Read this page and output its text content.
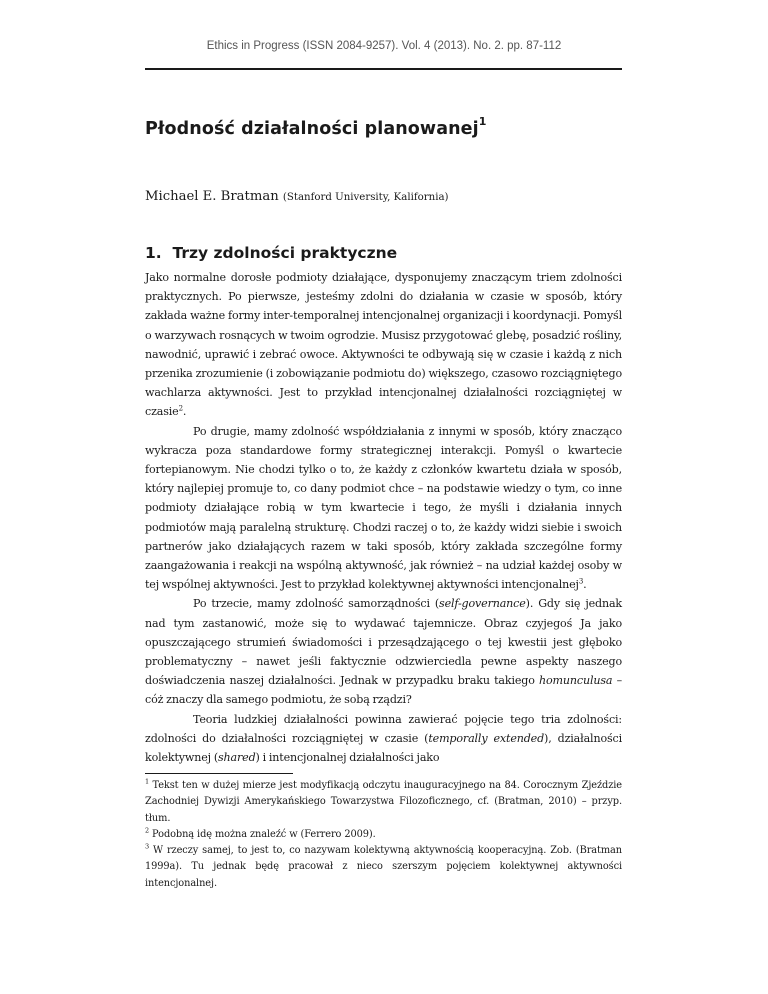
Ethics in Progress (ISSN 2084-9257). Vol. 4 (2013). No. 2. pp. 87-112
Płodność działalności planowanej$^1$
Michael E. Bratman (Stanford University, Kalifornia)
1. Trzy zdolności praktyczne

Jako normalne dorosłe podmioty działające, dysponujemy znaczącym triem zdolności praktycznych. Po pierwsze, jesteśmy zdolni do działania w czasie w sposób, który zakłada ważne formy inter-temporalnej intencjonalnej organizacji i koordynacji. Pomyśl o warzywach rosnących w twoim ogrodzie. Musisz przygotować glebę, posadzić rośliny, nawodnić, uprawić i zebrać owoce. Aktywności te odbywają się w czasie i każdą z nich przenika zrozumienie (i zobowiązanie podmiotu do) większego, czasowo rozciągniętego wachlarza aktywności. Jest to przykład intencjonalnej działalności rozciągniętej w czasie$^2$.

Po drugie, mamy zdolność współdziałania z innymi w sposób, który znacząco wykracza poza standardowe formy strategicznej interakcji. Pomyśl o kwartecie fortepianowym. Nie chodzi tylko o to, że każdy z członków kwartetu działa w sposób, który najlepiej promuje to, co dany podmiot chce – na podstawie wiedzy o tym, co inne podmioty działające robią w tym kwartecie i tego, że myśli i działania innych podmiotów mają paralelną strukturę. Chodzi raczej o to, że każdy widzi siebie i swoich partnerów jako działających razem w taki sposób, który zakłada szczególne formy zaangażowania i reakcji na wspólną aktywność, jak również – na udział każdej osoby w tej wspólnej aktywności. Jest to przykład kolektywnej aktywności intencjonalnej$^3$.

Po trzecie, mamy zdolność samorządności (self-governance). Gdy się jednak nad tym zastanowić, może się to wydawać tajemnicze. Obraz czyjegoś Ja jako opuszczającego strumień świadomości i przesądzającego o tej kwestii jest głęboko problematyczny – nawet jeśli faktycznie odzwierciedla pewne aspekty naszego doświadczenia naszej działalności. Jednak w przypadku braku takiego homunculusa – cóż znaczy dla samego podmiotu, że sobą rządzi?

Teoria ludzkiej działalności powinna zawierać pojęcie tego tria zdolności: zdolności do działalności rozciągniętej w czasie (temporally extended), działalności kolektywnej (shared) i intencjonalnej działalności jako

$^1$ Tekst ten w dużej mierze jest modyfikacją odczytu inauguracyjnego na 84. Corocznym Zjeździe Zachodniej Dywizji Amerykańskiego Towarzystwa Filozoficznego, cf. (Bratman, 2010) – przyp. tłum.

$^2$ Podobną idę można znaleźć w (Ferrero 2009).

$^3$ W rzeczy samej, to jest to, co nazywam kolektywną aktywnością kooperacyjną. Zob. (Bratman 1999a). Tu jednak będę pracował z nieco szerszym pojęciem kolektywnej aktywności intencjonalnej.
